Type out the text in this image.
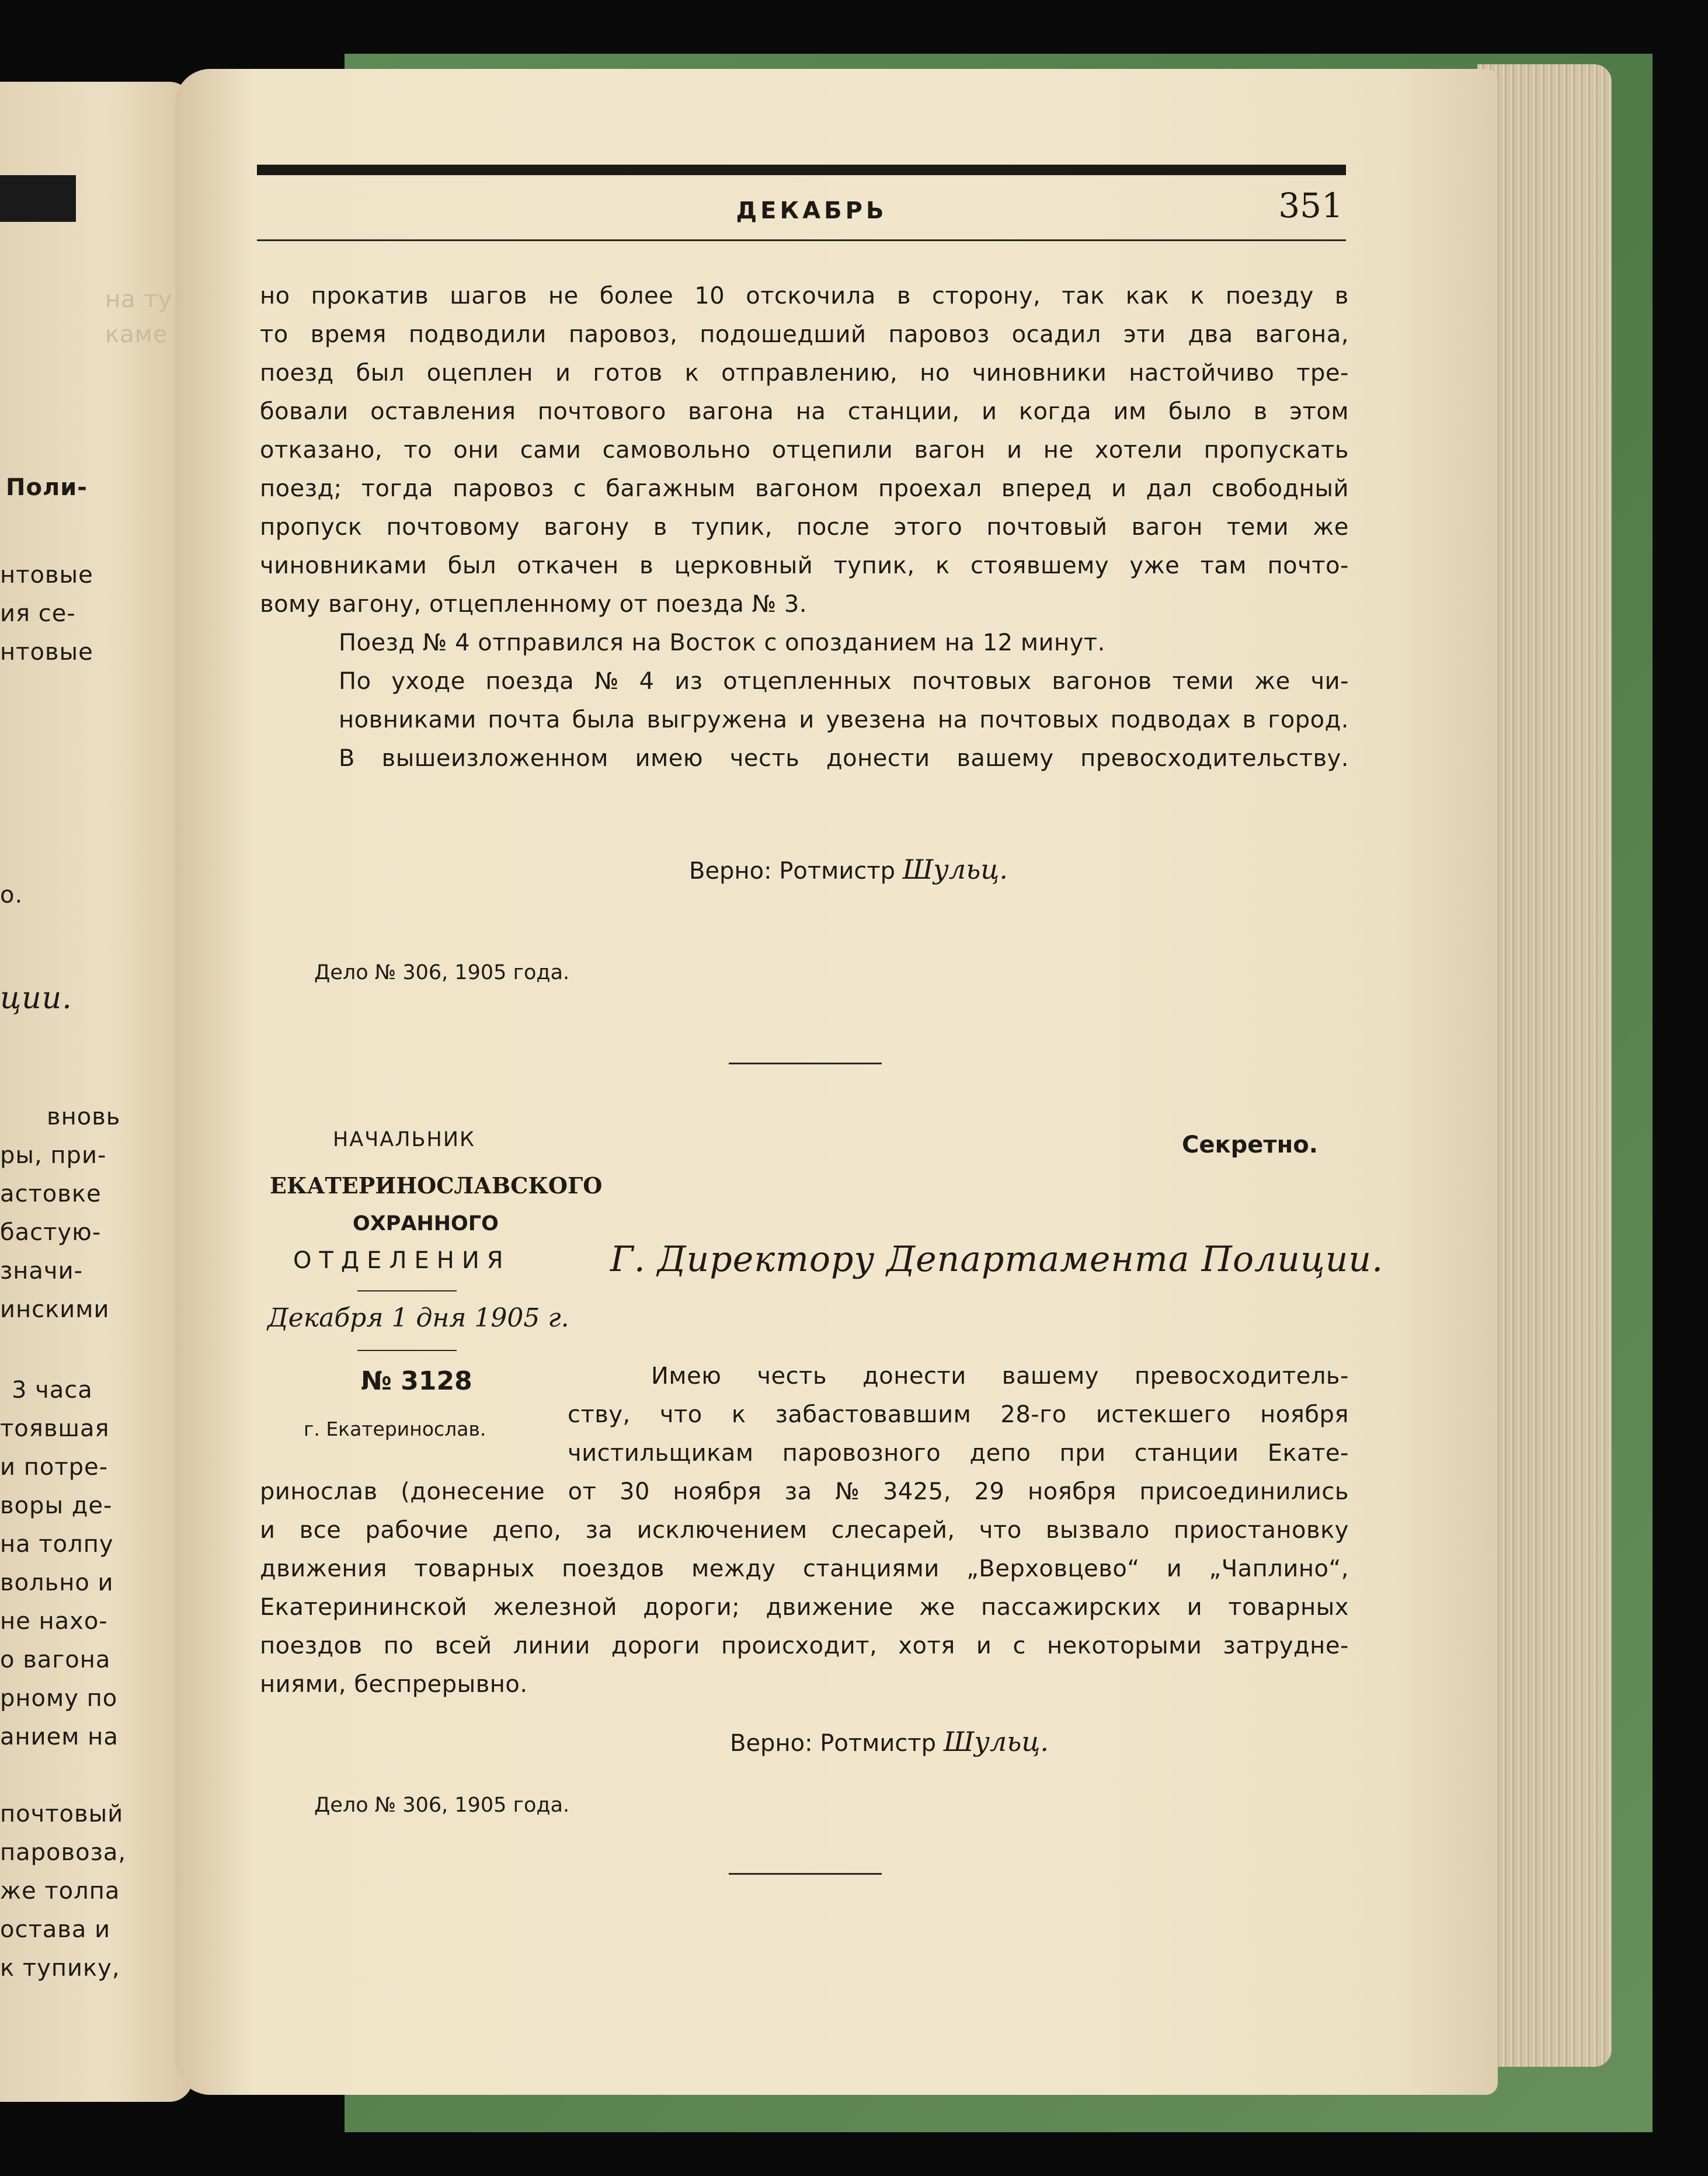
на ту
каме
Поли-
нтовые
ия се-
нтовые
о.
ции.
вновь
ры, при-
астовке
бастую-
значи-
инскими
3 часа
тоявшая
и потре-
воры де-
на толпу
вольно и
не нахо-
о вагона
рному по
анием на
почтовый
паровоза,
же толпа
остава и
к тупику,
ДЕКАБРЬ	351
но прокатив шагов не более 10 отскочила в сторону, так как к поезду в
то время подводили паровоз, подошедший паровоз осадил эти два вагона,
поезд был оцеплен и готов к отправлению, но чиновники настойчиво тре-
бовали оставления почтового вагона на станции, и когда им было в этом
отказано, то они сами самовольно отцепили вагон и не хотели пропускать
поезд; тогда паровоз с багажным вагоном проехал вперед и дал свободный
пропуск почтовому вагону в тупик, после этого почтовый вагон теми же
чиновниками был откачен в церковный тупик, к стоявшему уже там почто-
вому вагону, отцепленному от поезда № 3.
Поезд № 4 отправился на Восток с опозданием на 12 минут.
По уходе поезда № 4 из отцепленных почтовых вагонов теми же чи-
новниками почта была выгружена и увезена на почтовых подводах в город.
В вышеизложенном имею честь донести вашему превосходительству.
Верно: Ротмистр Шульц.
Дело № 306, 1905 года.
НАЧАЛЬНИК
ЕКАТЕРИНОСЛАВСКОГО
ОХРАННОГО
ОТДЕЛЕНИЯ
Секретно.
Г. Директору Департамента Полиции.
Декабря 1 дня 1905 г.
№ 3128
г. Екатеринослав.
Имею честь донести вашему превосходитель-
ству, что к забастовавшим 28-го истекшего ноября
чистильщикам паровозного депо при станции Екате-
ринослав (донесение от 30 ноября за № 3425, 29 ноября присоединились
и все рабочие депо, за исключением слесарей, что вызвало приостановку
движения товарных поездов между станциями „Верховцево“ и „Чаплино“,
Екатерининской железной дороги; движение же пассажирских и товарных
поездов по всей линии дороги происходит, хотя и с некоторыми затрудне-
ниями, беспрерывно.
Верно: Ротмистр Шульц.
Дело № 306, 1905 года.
